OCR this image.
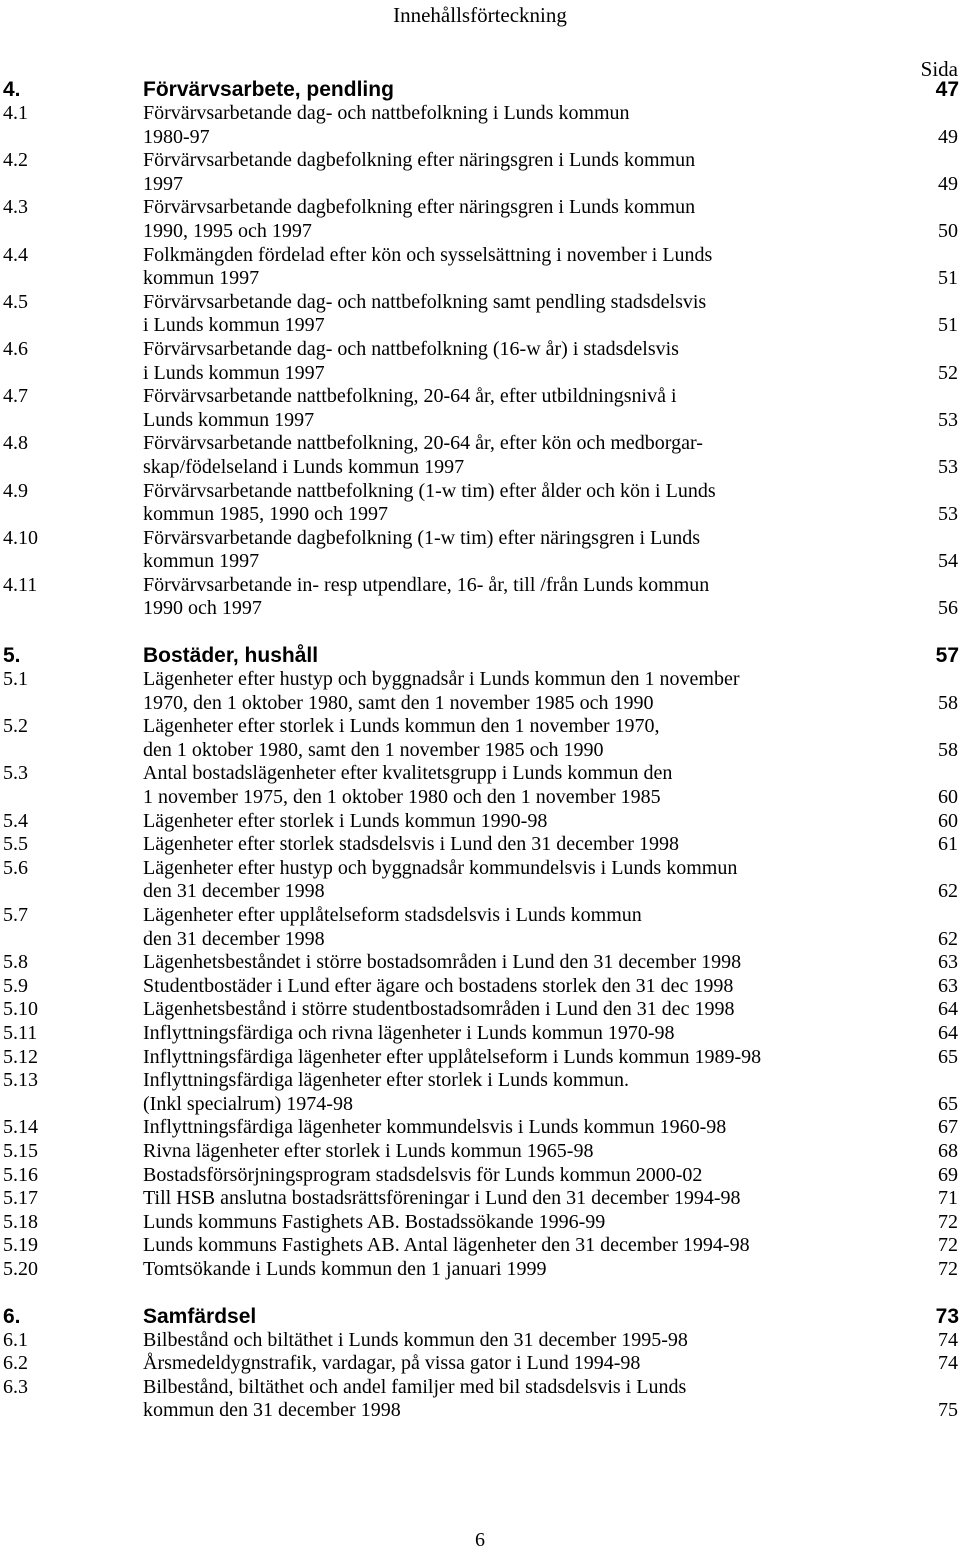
Innehållsförteckning
Sida
4.	Förvärvsarbete, pendling	47
4.1	Förvärvsarbetande dag- och nattbefolkning i Lunds kommun
1980-97	49
4.2	Förvärvsarbetande dagbefolkning efter näringsgren i Lunds kommun
1997	49
4.3	Förvärvsarbetande dagbefolkning efter näringsgren i Lunds kommun
1990, 1995 och 1997	50
4.4	Folkmängden fördelad efter kön och sysselsättning i november i Lunds
kommun 1997	51
4.5	Förvärvsarbetande dag- och nattbefolkning samt pendling stadsdelsvis
i Lunds kommun 1997	51
4.6	Förvärvsarbetande dag- och nattbefolkning (16-w år) i stadsdelsvis
i Lunds kommun 1997	52
4.7	Förvärvsarbetande nattbefolkning, 20-64 år, efter utbildningsnivå i
Lunds kommun 1997	53
4.8	Förvärvsarbetande nattbefolkning, 20-64 år, efter kön och medborgar-
skap/födelseland i Lunds kommun 1997	53
4.9	Förvärvsarbetande nattbefolkning (1-w tim) efter ålder och kön i Lunds
kommun 1985, 1990 och 1997	53
4.10	Förvärsvarbetande dagbefolkning (1-w tim) efter näringsgren i Lunds
kommun 1997	54
4.11	Förvärvsarbetande in- resp utpendlare, 16- år, till /från Lunds kommun
1990 och 1997	56
5.	Bostäder, hushåll	57
5.1	Lägenheter efter hustyp och byggnadsår i Lunds kommun den 1 november
1970, den 1 oktober 1980, samt den 1 november 1985 och 1990	58
5.2	Lägenheter efter storlek i Lunds kommun den 1 november 1970,
den 1 oktober 1980, samt den 1 november 1985 och 1990	58
5.3	Antal bostadslägenheter efter kvalitetsgrupp i Lunds kommun den
1 november 1975, den 1 oktober 1980 och den 1 november 1985	60
5.4	Lägenheter efter storlek i Lunds kommun 1990-98	60
5.5	Lägenheter efter storlek stadsdelsvis i Lund den 31 december 1998	61
5.6	Lägenheter efter hustyp och byggnadsår kommundelsvis i Lunds kommun
den 31 december 1998	62
5.7	Lägenheter efter upplåtelseform stadsdelsvis i Lunds kommun
den 31 december 1998	62
5.8	Lägenhetsbeståndet i större bostadsområden i Lund den 31 december 1998	63
5.9	Studentbostäder i Lund efter ägare och bostadens storlek den 31 dec 1998	63
5.10	Lägenhetsbestånd i större studentbostadsområden i Lund den 31 dec 1998	64
5.11	Inflyttningsfärdiga och rivna lägenheter i Lunds kommun 1970-98	64
5.12	Inflyttningsfärdiga lägenheter efter upplåtelseform i Lunds kommun 1989-98	65
5.13	Inflyttningsfärdiga lägenheter efter storlek i Lunds kommun.
(Inkl specialrum) 1974-98	65
5.14	Inflyttningsfärdiga lägenheter kommundelsvis i Lunds kommun 1960-98	67
5.15	Rivna lägenheter efter storlek i Lunds kommun 1965-98	68
5.16	Bostadsförsörjningsprogram stadsdelsvis för Lunds kommun 2000-02	69
5.17	Till HSB anslutna bostadsrättsföreningar i Lund den 31 december 1994-98	71
5.18	Lunds kommuns Fastighets AB. Bostadssökande 1996-99	72
5.19	Lunds kommuns Fastighets AB. Antal lägenheter den 31 december 1994-98	72
5.20	Tomtsökande i Lunds kommun den 1 januari 1999	72
6.	Samfärdsel	73
6.1	Bilbestånd och biltäthet i Lunds kommun den 31 december 1995-98	74
6.2	Årsmedeldygnstrafik, vardagar, på vissa gator i Lund 1994-98	74
6.3	Bilbestånd, biltäthet och andel familjer med bil stadsdelsvis i Lunds
kommun den 31 december 1998	75
6
